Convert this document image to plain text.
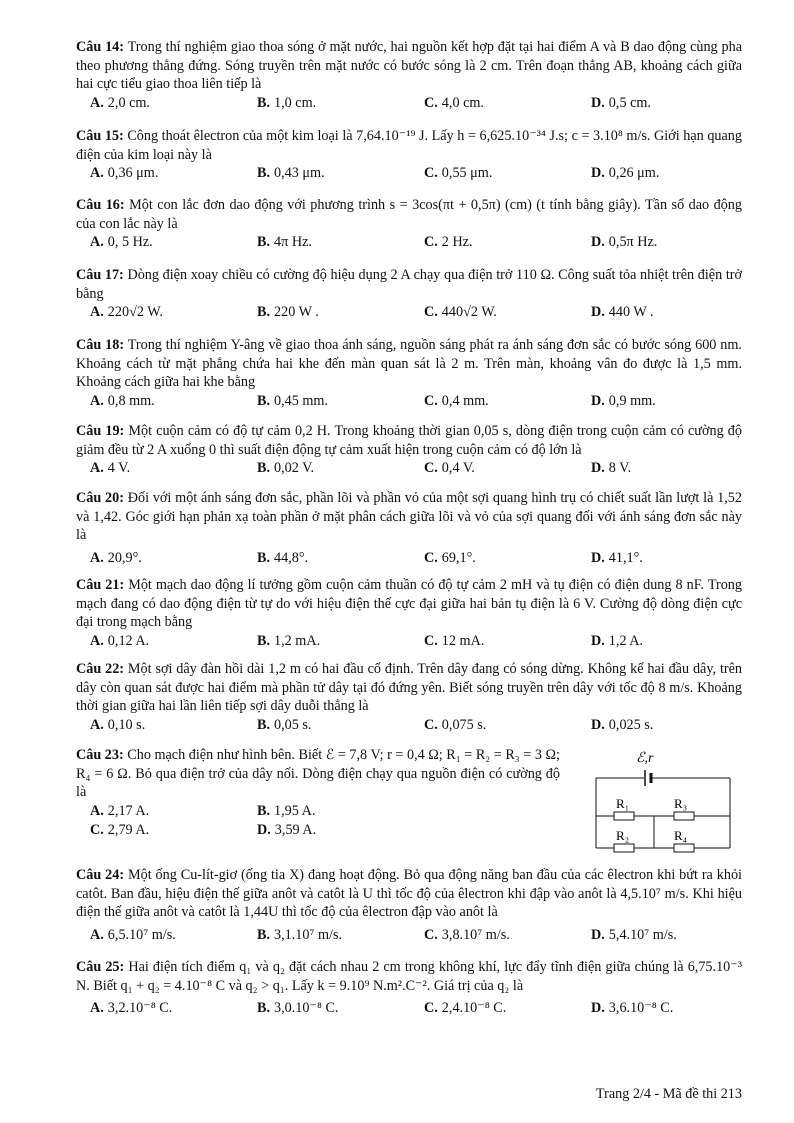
Câu 14: Trong thí nghiệm giao thoa sóng ở mặt nước, hai nguồn kết hợp đặt tại hai điểm A và B dao động cùng pha theo phương thẳng đứng. Sóng truyền trên mặt nước có bước sóng là 2 cm. Trên đoạn thẳng AB, khoảng cách giữa hai cực tiểu giao thoa liên tiếp là
A. 2,0 cm.	B. 1,0 cm.	C. 4,0 cm.	D. 0,5 cm.
Câu 15: Công thoát êlectron của một kim loại là 7,64.10⁻¹⁹ J. Lấy h = 6,625.10⁻³⁴ J.s; c = 3.10⁸ m/s. Giới hạn quang điện của kim loại này là
A. 0,36 μm.	B. 0,43 μm.	C. 0,55 μm.	D. 0,26 μm.
Câu 16: Một con lắc đơn dao động với phương trình s = 3cos(πt + 0,5π) (cm) (t tính bằng giây). Tần số dao động của con lắc này là
A. 0, 5 Hz.	B. 4π Hz.	C. 2 Hz.	D. 0,5π Hz.
Câu 17: Dòng điện xoay chiều có cường độ hiệu dụng 2 A chạy qua điện trở 110 Ω. Công suất tỏa nhiệt trên điện trở bằng
A. 220√2 W.	B. 220 W .	C. 440√2 W.	D. 440 W .
Câu 18: Trong thí nghiệm Y-âng về giao thoa ánh sáng, nguồn sáng phát ra ánh sáng đơn sắc có bước sóng 600 nm. Khoảng cách từ mặt phẳng chứa hai khe đến màn quan sát là 2 m. Trên màn, khoảng vân đo được là 1,5 mm. Khoảng cách giữa hai khe bằng
A. 0,8 mm.	B. 0,45 mm.	C. 0,4 mm.	D. 0,9 mm.
Câu 19: Một cuộn cảm có độ tự cảm 0,2 H. Trong khoảng thời gian 0,05 s, dòng điện trong cuộn cảm có cường độ giảm đều từ 2 A xuống 0 thì suất điện động tự cảm xuất hiện trong cuộn cảm có độ lớn là
A. 4 V.	B. 0,02 V.	C. 0,4 V.	D. 8 V.
Câu 20: Đối với một ánh sáng đơn sắc, phần lõi và phần vỏ của một sợi quang hình trụ có chiết suất lần lượt là 1,52 và 1,42. Góc giới hạn phản xạ toàn phần ở mặt phân cách giữa lõi và vỏ của sợi quang đối với ánh sáng đơn sắc này là
A. 20,9°.	B. 44,8°.	C. 69,1°.	D. 41,1°.
Câu 21: Một mạch dao động lí tưởng gồm cuộn cảm thuần có độ tự cảm 2 mH và tụ điện có điện dung 8 nF. Trong mạch đang có dao động điện từ tự do với hiệu điện thế cực đại giữa hai bản tụ điện là 6 V. Cường độ dòng điện cực đại trong mạch bằng
A. 0,12 A.	B. 1,2 mA.	C. 12 mA.	D. 1,2 A.
Câu 22: Một sợi dây đàn hồi dài 1,2 m có hai đầu cố định. Trên dây đang có sóng dừng. Không kể hai đầu dây, trên dây còn quan sát được hai điểm mà phần tử dây tại đó đứng yên. Biết sóng truyền trên dây với tốc độ 8 m/s. Khoảng thời gian giữa hai lần liên tiếp sợi dây duỗi thẳng là
A. 0,10 s.	B. 0,05 s.	C. 0,075 s.	D. 0,025 s.
Câu 23: Cho mạch điện như hình bên. Biết ℰ = 7,8 V; r = 0,4 Ω; R₁ = R₂ = R₃ = 3 Ω; R₄ = 6 Ω. Bỏ qua điện trở của dây nối. Dòng điện chạy qua nguồn điện có cường độ là
A. 2,17 A.	B. 1,95 A.
C. 2,79 A.	D. 3,59 A.
ℰ,r
R₁	R₃
R₂	R₄
Câu 24: Một ống Cu-lít-giơ (ống tia X) đang hoạt động. Bỏ qua động năng ban đầu của các êlectron khi bứt ra khỏi catôt. Ban đầu, hiệu điện thế giữa anôt và catôt là U thì tốc độ của êlectron khi đập vào anôt là 4,5.10⁷ m/s. Khi hiệu điện thế giữa anôt và catôt là 1,44U thì tốc độ của êlectron đập vào anôt là
A. 6,5.10⁷ m/s.	B. 3,1.10⁷ m/s.	C. 3,8.10⁷ m/s.	D. 5,4.10⁷ m/s.
Câu 25: Hai điện tích điểm q₁ và q₂ đặt cách nhau 2 cm trong không khí, lực đẩy tĩnh điện giữa chúng là 6,75.10⁻³ N. Biết q₁ + q₂ = 4.10⁻⁸ C và q₂ > q₁. Lấy k = 9.10⁹ N.m².C⁻². Giá trị của q₂ là
A. 3,2.10⁻⁸ C.	B. 3,0.10⁻⁸ C.	C. 2,4.10⁻⁸ C.	D. 3,6.10⁻⁸ C.
Trang 2/4 - Mã đề thi 213
